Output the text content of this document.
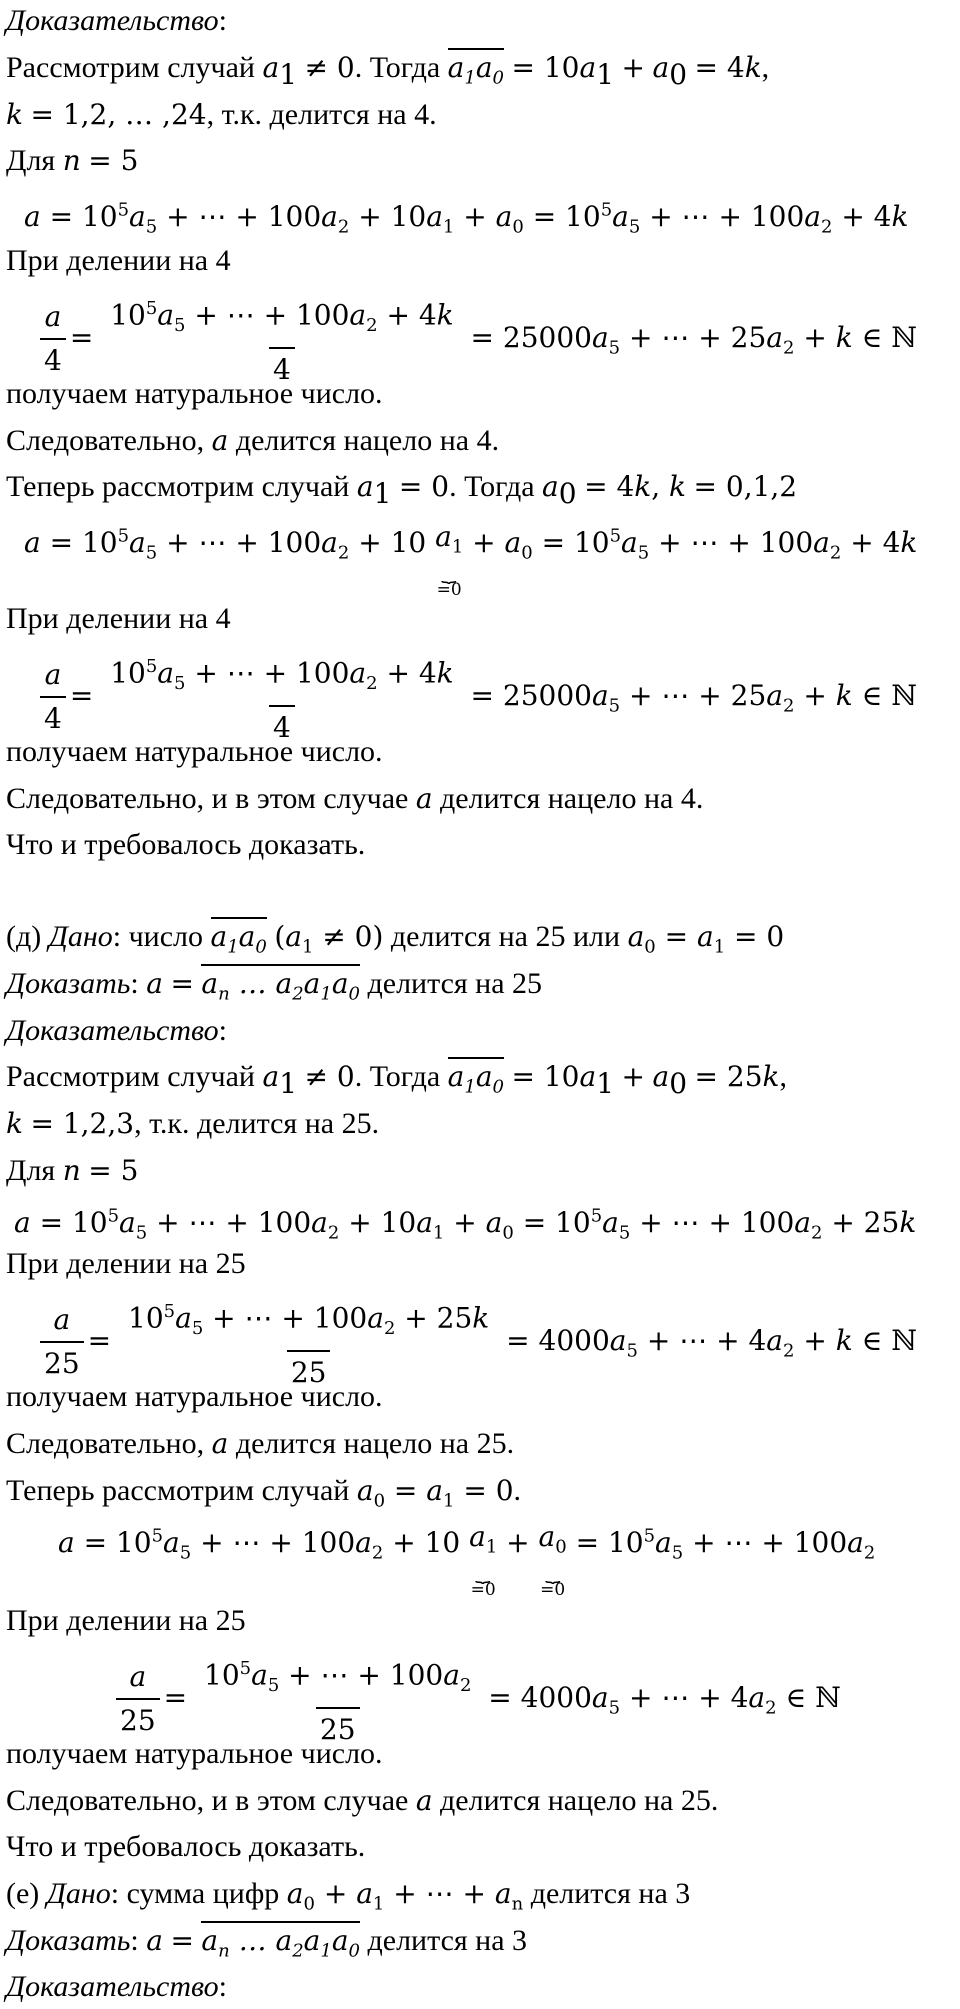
Доказательство:
Рассмотрим случай $a_1 \ne 0$. Тогда $a_1a_0 = 10a_1 + a_0 = 4k$,
k = 1,2, … ,24, т.к. делится на 4.
Для n = 5
$a = 10^5a_5$ + ⋯ + $100a_2 + 10a_1 + a_0 = 10^5a_5$ + ⋯ + $100a_2 + 4k$
При делении на 4
$\frac{a}{4} = \frac{10^5a_5 + \cdots + 100a_2 + 4k}{4} = 25000a_5$ + ⋯ + $25a_2 + k$ ∈ ℕ
получаем натуральное число.
Следовательно, a делится нацело на 4.
Теперь рассмотрим случай $a_1 = 0$. Тогда $a_0 = 4k$, k = 0,1,2
$a = 10^5a_5$ + ⋯ + $100a_2 + 10$ $a_1$
⏟
=0
+ $a_0 = 10^5a_5$ + ⋯ + $100a_2 + 4k$
При делении на 4
$\frac{a}{4} = \frac{10^5a_5 + \cdots + 100a_2 + 4k}{4} = 25000a_5$ + ⋯ + $25a_2 + k$ ∈ ℕ
получаем натуральное число.
Следовательно, и в этом случае a делится нацело на 4.
Что и требовалось доказать.
(д) Дано: число $a_1a_0$ $(a_1 \ne 0)$ делится на 25 или $a_0 = a_1 = 0$
Доказать: $a = a_n$ … $a_2a_1a_0$ делится на 25
Доказательство:
Рассмотрим случай $a_1 \ne 0$. Тогда $a_1a_0 = 10a_1 + a_0 = 25k$,
k = 1,2,3, т.к. делится на 25.
Для n = 5
$a = 10^5a_5$ + ⋯ + $100a_2 + 10a_1 + a_0 = 10^5a_5$ + ⋯ + $100a_2 + 25k$
При делении на 25
$\frac{a}{25} = \frac{10^5a_5 + \cdots + 100a_2 + 25k}{25} = 4000a_5$ + ⋯ + $4a_2 + k$ ∈ ℕ
получаем натуральное число.
Следовательно, a делится нацело на 25.
Теперь рассмотрим случай $a_0 = a_1 = 0$.
$a = 10^5a_5$ + ⋯ + $100a_2 + 10$ $a_1$
⏟
=0
+ $a_0$
⏟
=0
= $10^5a_5$ + ⋯ + $100a_2$
При делении на 25
$\frac{a}{25} = \frac{10^5a_5 + \cdots + 100a_2}{25} = 4000a_5$ + ⋯ + $4a_2$ ∈ ℕ
получаем натуральное число.
Следовательно, и в этом случае a делится нацело на 25.
Что и требовалось доказать.
(е) Дано: сумма цифр $a_0 + a_1$ + ⋯ + $a_n$ делится на 3
Доказать: $a = a_n$ … $a_2a_1a_0$ делится на 3
Доказательство:
